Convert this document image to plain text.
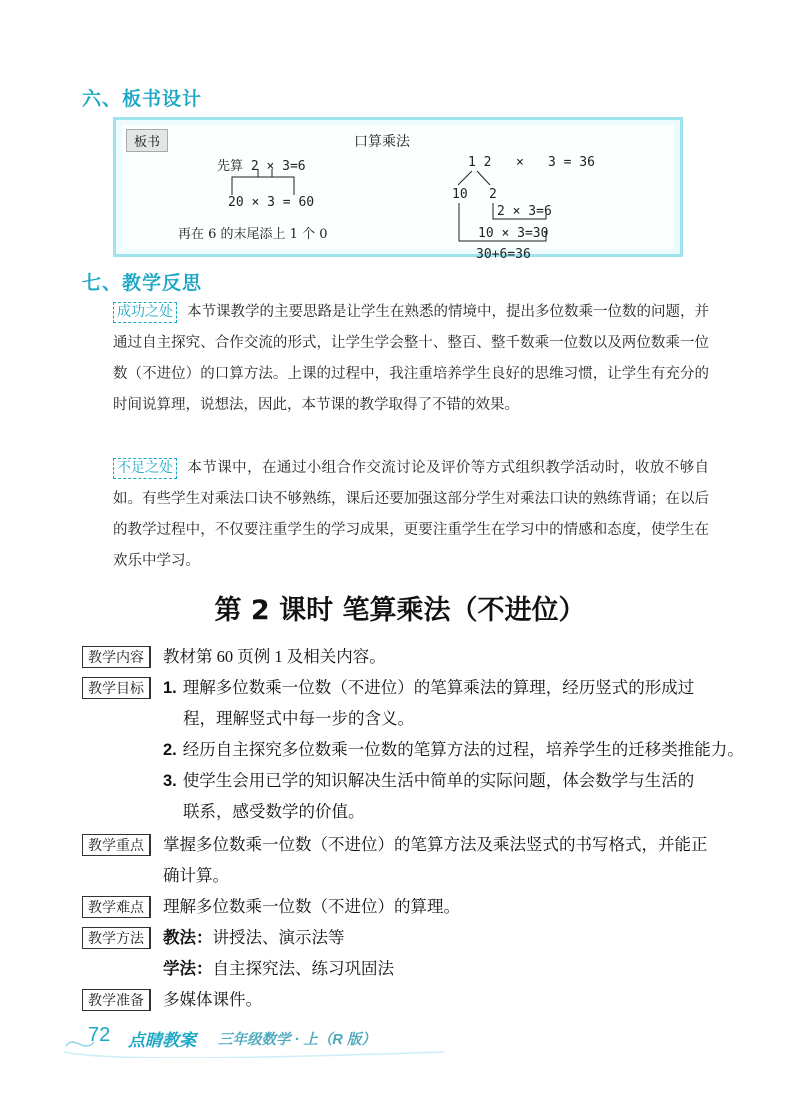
六、板书设计
板书	口算乘法
先算 2 × 3=6
20 × 3 = 60
再在 6 的末尾添上 1 个 0
1 2 × 3 = 36
10 2
2 × 3=6
10 × 3=30
30+6=36
七、教学反思
成功之处 本节课教学的主要思路是让学生在熟悉的情境中，提出多位数乘一位数的问题，并通过自主探究、合作交流的形式，让学生学会整十、整百、整千数乘一位数以及两位数乘一位数（不进位）的口算方法。上课的过程中，我注重培养学生良好的思维习惯，让学生有充分的时间说算理，说想法，因此，本节课的教学取得了不错的效果。
不足之处 本节课中，在通过小组合作交流讨论及评价等方式组织教学活动时，收放不够自如。有些学生对乘法口诀不够熟练，课后还要加强这部分学生对乘法口诀的熟练背诵；在以后的教学过程中，不仅要注重学生的学习成果，更要注重学生在学习中的情感和态度，使学生在欢乐中学习。
第 2 课时 笔算乘法（不进位）
教学内容	教材第 60 页例 1 及相关内容。
教学目标	1. 理解多位数乘一位数（不进位）的笔算乘法的算理，经历竖式的形成过
程，理解竖式中每一步的含义。
2. 经历自主探究多位数乘一位数的笔算方法的过程，培养学生的迁移类推能力。
3. 使学生会用已学的知识解决生活中简单的实际问题，体会数学与生活的
联系，感受数学的价值。
教学重点	掌握多位数乘一位数（不进位）的笔算方法及乘法竖式的书写格式，并能正
确计算。
教学难点	理解多位数乘一位数（不进位）的算理。
教学方法	教法：讲授法、演示法等
学法：自主探究法、练习巩固法
教学准备	多媒体课件。
72 点睛教案 三年级数学 · 上（R 版）
